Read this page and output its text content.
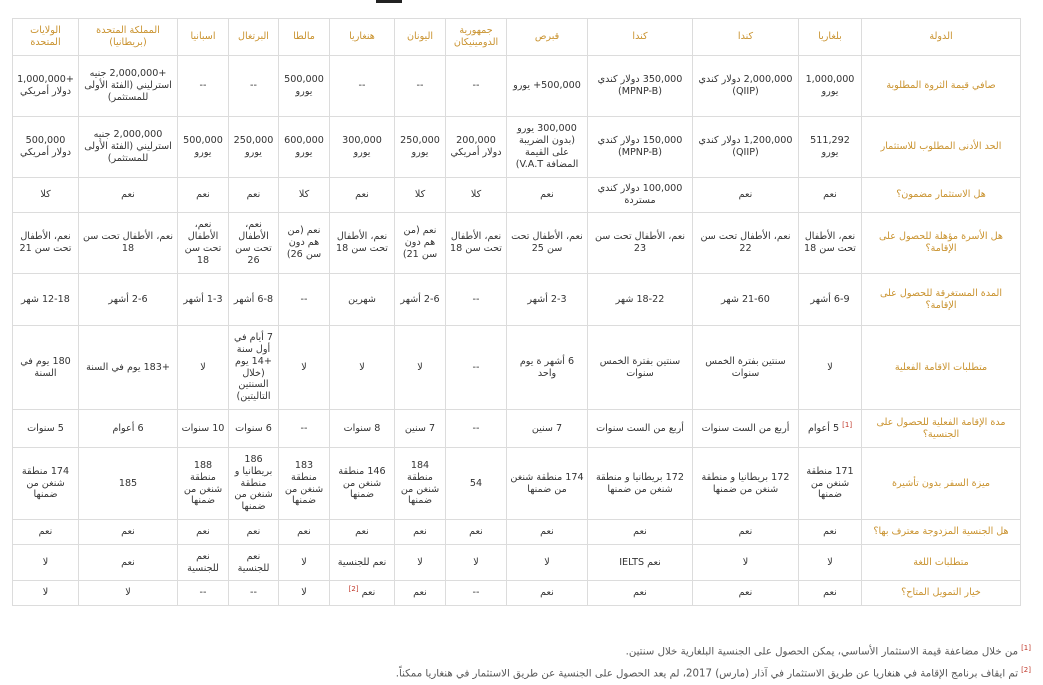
الدولة	بلغاريا	كندا	كندا	قبرص	جمهورية الدومينيكان	اليونان	هنغاريا	مالطا	البرتغال	اسبانيا	المملكة المتحدة (بريطانيا)	الولايات المتحدة
صافي قيمة الثروة المطلوبة	1,000,000 يورو	2,000,000 دولار كندي (QIIP)	350,000 دولار كندي (MPNP-B)	500,000+ يورو	--	--	--	500,000 يورو	--	--	+2,000,000 جنيه استرليني (الفئة الأولى للمستثمر)	+1,000,000 دولار أمريكي
الحد الأدنى المطلوب للاستثمار	511,292 يورو	1,200,000 دولار كندي (QIIP)	150,000 دولار كندي (MPNP-B)	300,000 يورو (بدون الضريبة على القيمة المضافة V.A.T)	200,000 دولار أمريكي	250,000 يورو	300,000 يورو	600,000 يورو	250,000 يورو	500,000 يورو	2,000,000 جنيه استرليني (الفئة الأولى للمستثمر)	500,000 دولار أمريكي
هل الاستثمار مضمون؟	نعم	نعم	100,000 دولار كندي مستردة	نعم	كلا	كلا	نعم	كلا	نعم	نعم	نعم	كلا
هل الأسرة مؤهلة للحصول على الإقامة؟	نعم، الأطفال تحت سن 18	نعم، الأطفال تحت سن 22	نعم، الأطفال تحت سن 23	نعم، الأطفال تحت سن 25	نعم، الأطفال تحت سن 18	نعم (من هم دون سن 21)	نعم، الأطفال تحت سن 18	نعم (من هم دون سن 26)	نعم، الأطفال تحت سن 26	نعم، الأطفال تحت سن 18	نعم، الأطفال تحت سن 18	نعم، الأطفال تحت سن 21
المدة المستغرقة للحصول على الإقامة؟	6-9 أشهر	21-60 شهر	18-22 شهر	2-3 أشهر	--	2-6 أشهر	شهرين	--	6-8 أشهر	1-3 أشهر	2-6 أشهر	12-18 شهر
متطلبات الاقامة الفعلية	لا	سنتين بفترة الخمس سنوات	سنتين بفترة الخمس سنوات	6 أشهر ة يوم واحد	--	لا	لا	لا	7 أيام في أول سنة +14 يوم (خلال السنتين التاليتين)	لا	+183 يوم في السنة	180 يوم في السنة
مدة الإقامة الفعلية للحصول على الجنسية؟	[1] 5 أعوام	أربع من الست سنوات	أربع من الست سنوات	7 سنين	--	7 سنين	8 سنوات	--	6 سنوات	10 سنوات	6 أعوام	5 سنوات
ميزة السفر بدون تأشيرة	171 منطقة شنغن من ضمنها	172 بريطانيا و منطقة شنغن من ضمنها	172 بريطانيا و منطقة شنغن من ضمنها	174 منطقة شنغن من ضمنها	54	184 منطقة شنغن من ضمنها	146 منطقة شنغن من ضمنها	183 منطقة شنغن من ضمنها	186 بريطانيا و منطقة شنغن من ضمنها	188 منطقة شنغن من ضمنها	185	174 منطقة شنغن من ضمنها
هل الجنسية المزدوجة معترف بها؟	نعم	نعم	نعم	نعم	نعم	نعم	نعم	نعم	نعم	نعم	نعم	نعم
متطلبات اللغة	لا	لا	نعم IELTS	لا	لا	لا	نعم للجنسية	لا	نعم للجنسية	نعم للجنسية	نعم	لا
خيار التمويل المتاح؟	نعم	نعم	نعم	نعم	--	نعم	نعم [2]	لا	--	--	لا	لا
[1]من خلال مضاعفة قيمة الاستثمار الأساسي، يمكن الحصول على الجنسية البلغارية خلال سنتين.
[2]تم ايقاف برنامج الإقامة في هنغاريا عن طريق الاستثمار في آذار (مارس) 2017، لم يعد الحصول على الجنسية عن طريق الاستثمار في هنغاريا ممكناً.
